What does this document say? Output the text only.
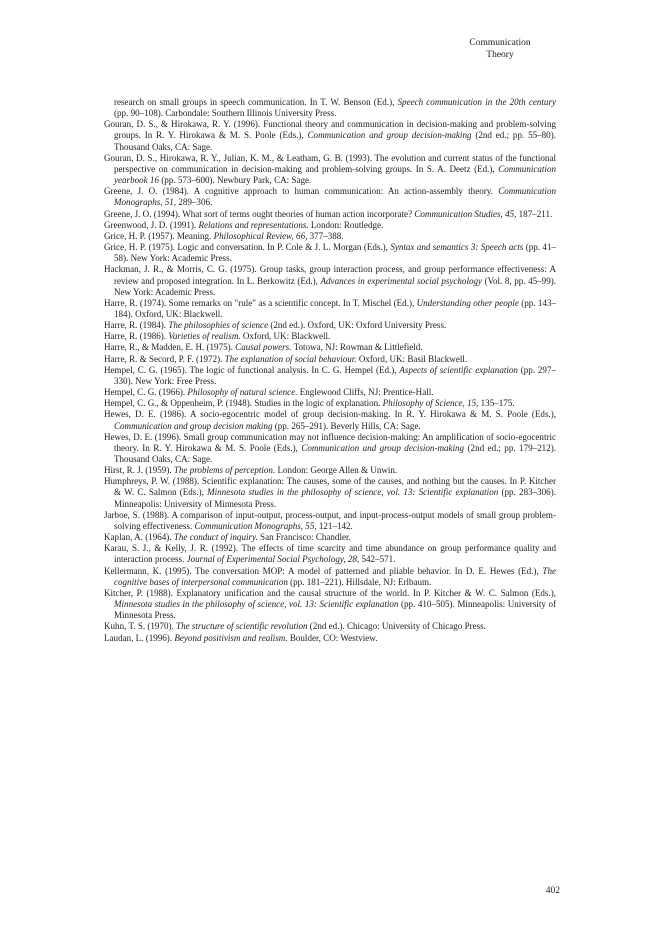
Communication
Theory
research on small groups in speech communication. In T. W. Benson (Ed.), Speech communication in the 20th century (pp. 90–108). Carbondale: Southern Illinois University Press.
Gouran, D. S., & Hirokawa, R. Y. (1996). Functional theory and communication in decision-making and problem-solving groups. In R. Y. Hirokawa & M. S. Poole (Eds.), Communication and group decision-making (2nd ed.; pp. 55–80). Thousand Oaks, CA: Sage.
Gouran, D. S., Hirokawa, R. Y., Julian, K. M., & Leatham, G. B. (1993). The evolution and current status of the functional perspective on communication in decision-making and problem-solving groups. In S. A. Deetz (Ed.), Communication yearbook 16 (pp. 573–600). Newbury Park, CA: Sage.
Greene, J. O. (1984). A cognitive approach to human communication: An action-assembly theory. Communication Monographs, 51, 289–306.
Greene, J. O. (1994). What sort of terms ought theories of human action incorporate? Communication Studies, 45, 187–211.
Greenwood, J. D. (1991). Relations and representations. London: Routledge.
Grice, H. P. (1957). Meaning. Philosophical Review, 66, 377–388.
Grice, H. P. (1975). Logic and conversation. In P. Cole & J. L. Morgan (Eds.), Syntax and semantics 3: Speech acts (pp. 41–58). New York: Academic Press.
Hackman, J. R., & Morris, C. G. (1975). Group tasks, group interaction process, and group performance effectiveness: A review and proposed integration. In L. Berkowitz (Ed.), Advances in experimental social psychology (Vol. 8, pp. 45–99). New York: Academic Press.
Harre, R. (1974). Some remarks on "rule" as a scientific concept. In T. Mischel (Ed.), Understanding other people (pp. 143–184). Oxford, UK: Blackwell.
Harre, R. (1984). The philosophies of science (2nd ed.). Oxford, UK: Oxford University Press.
Harre, R. (1986). Varieties of realism. Oxford, UK: Blackwell.
Harre, R., & Madden, E. H. (1975). Causal powers. Totowa, NJ: Rowman & Littlefield.
Harre, R. & Secord, P. F. (1972). The explanation of social behaviour. Oxford, UK: Basil Blackwell.
Hempel, C. G. (1965). The logic of functional analysis. In C. G. Hempel (Ed.), Aspects of scientific explanation (pp. 297–330). New York: Free Press.
Hempel, C. G. (1966). Philosophy of natural science. Englewood Cliffs, NJ: Prentice-Hall.
Hempel, C. G., & Oppenheim, P. (1948). Studies in the logic of explanation. Philosophy of Science, 15, 135–175.
Hewes, D. E. (1986). A socio-egocentric model of group decision-making. In R. Y. Hirokawa & M. S. Poole (Eds.), Communication and group decision making (pp. 265–291). Beverly Hills, CA: Sage.
Hewes, D. E. (1996). Small group communication may not influence decision-making: An amplification of socio-egocentric theory. In R. Y. Hirokawa & M. S. Poole (Eds.), Communication and group decision-making (2nd ed.; pp. 179–212). Thousand Oaks, CA: Sage.
Hirst, R. J. (1959). The problems of perception. London: George Allen & Unwin.
Humphreys, P. W. (1988). Scientific explanation: The causes, some of the causes, and nothing but the causes. In P. Kitcher & W. C. Salmon (Eds.), Minnesota studies in the philosophy of science, vol. 13: Scientific explanation (pp. 283–306). Minneapolis: University of Minnesota Press.
Jarboe, S. (1988). A comparison of input-output, process-output, and input-process-output models of small group problem-solving effectiveness. Communication Monographs, 55, 121–142.
Kaplan, A. (1964). The conduct of inquiry. San Francisco: Chandler.
Karau, S. J., & Kelly, J. R. (1992). The effects of time scarcity and time abundance on group performance quality and interaction process. Journal of Experimental Social Psychology, 28, 542–571.
Kellermann, K. (1995). The conversation MOP: A model of patterned and pliable behavior. In D. E. Hewes (Ed.), The cognitive bases of interpersonal communication (pp. 181–221). Hillsdale, NJ: Erlbaum.
Kitcher, P. (1988). Explanatory unification and the causal structure of the world. In P. Kitcher & W. C. Salmon (Eds.), Minnesota studies in the philosophy of science, vol. 13: Scientific explanation (pp. 410–505). Minneapolis: University of Minnesota Press.
Kuhn, T. S. (1970). The structure of scientific revolution (2nd ed.). Chicago: University of Chicago Press.
Laudan, L. (1996). Beyond positivism and realism. Boulder, CO: Westview.
402
